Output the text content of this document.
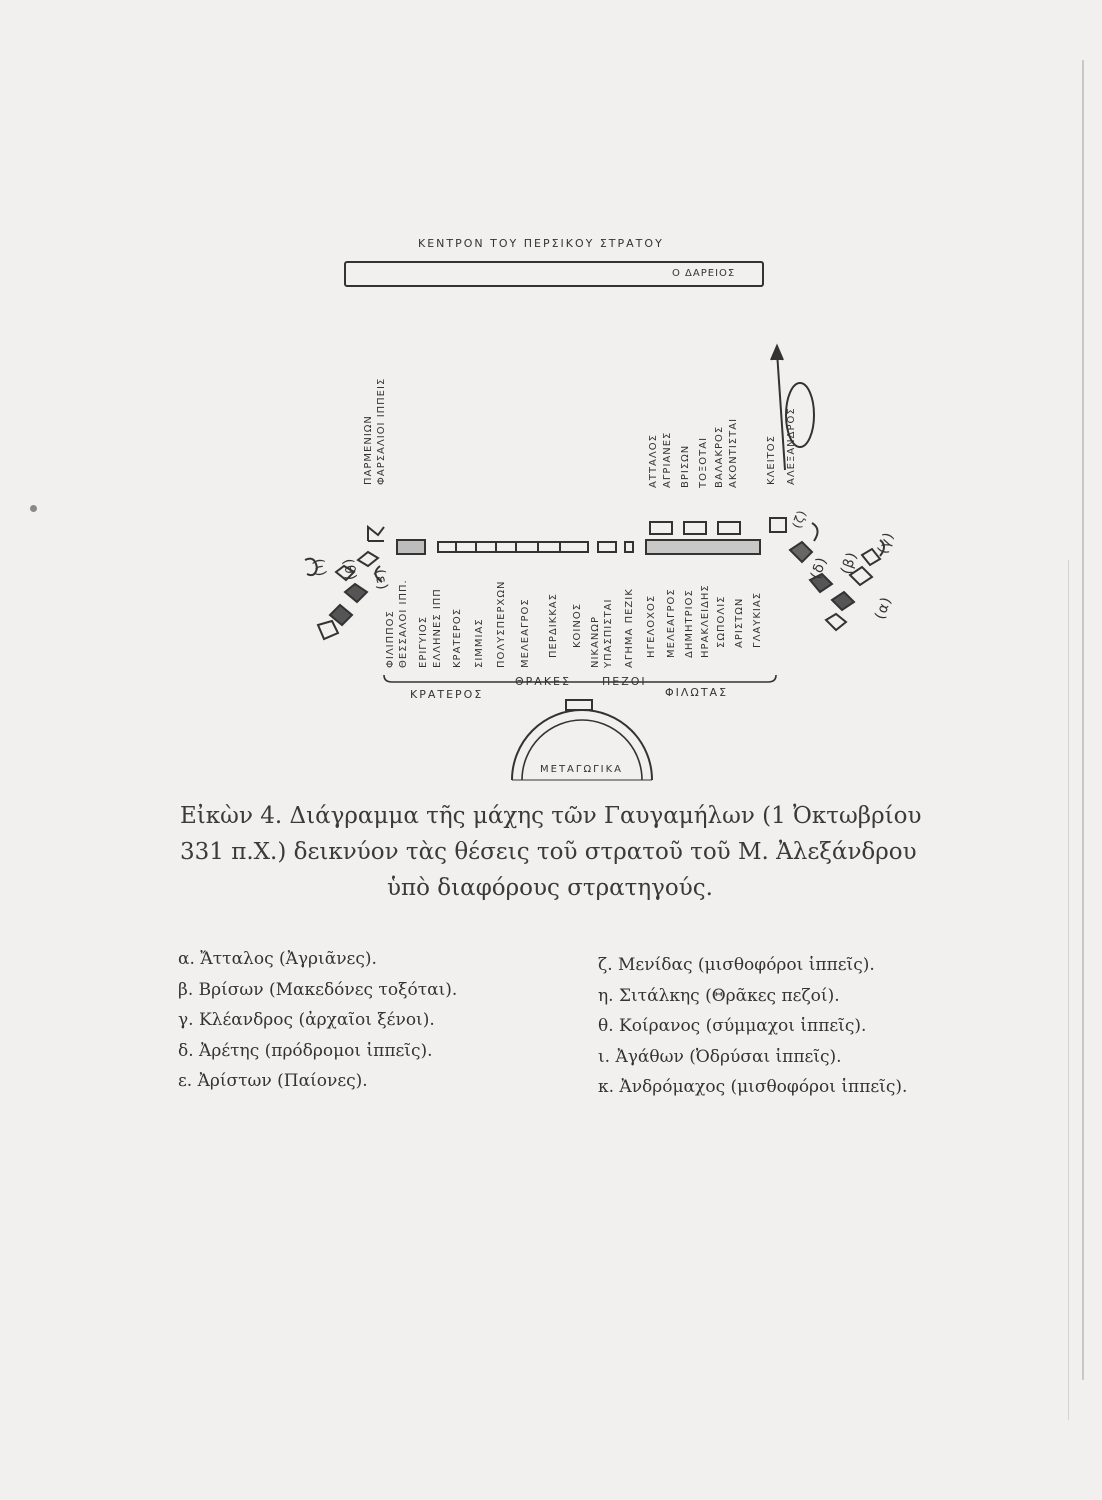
ΚΕΝΤΡΟΝ ΤΟΥ ΠΕΡΣΙΚΟΥ ΣΤΡΑΤΟΥ
Ο ΔΑΡΕΙΟΣ
ΠΑΡΜΕΝΙΩΝ ΦΑΡΣΑΛΙΟΙ ΙΠΠΕΙΣ
(ε)
(θ)
(ι)
(α)
(β)
(γ)
(δ)
(ζ)
ΦΙΛΙΠΠΟΣ ΘΕΣΣΑΛΟΙ ΙΠΠ. ΕΡΙΓΥΙΟΣ ΕΛΛΗΝΕΣ ΙΠΠ ΚΡΑΤΕΡΟΣ ΣΙΜΜΙΑΣ ΠΟΛΥΣΠΕΡΧΩΝ ΜΕΛΕΑΓΡΟΣ ΠΕΡΔΙΚΚΑΣ ΚΟΙΝΟΣ ΝΙΚΑΝΩΡ ΥΠΑΣΠΙΣΤΑΙ ΑΓΗΜΑ ΠΕΖΙΚ ΗΓΕΛΟΧΟΣ ΜΕΛΕΑΓΡΟΣ ΔΗΜΗΤΡΙΟΣ ΗΡΑΚΛΕΙΔΗΣ ΣΩΠΟΛΙΣ ΑΡΙΣΤΩΝ ΓΛΑΥΚΙΑΣ
ΑΤΤΑΛΟΣ ΑΓΡΙΑΝΕΣ ΒΡΙΣΩΝ ΤΟΞΟΤΑΙ ΒΑΛΑΚΡΟΣ ΑΚΟΝΤΙΣΤΑΙ	ΚΛΕΙΤΟΣ ΑΛΕΞΑΝΔΡΟΣ
ΚΡΑΤΕΡΟΣ
ΘΡΑΚΕΣ	ΠΕΖΟΙ
ΦΙΛΩΤΑΣ
ΜΕΤΑΓΩΓΙΚΑ
Εἰκὼν 4. Διάγραμμα τῆς μάχης τῶν Γαυγαμήλων (1 Ὀκτωβρίου
331 π.Χ.) δεικνύον τὰς θέσεις τοῦ στρατοῦ τοῦ Μ. Ἀλεξάνδρου
ὑπὸ διαφόρους στρατηγούς.
α. Ἄτταλος (Ἀγριᾶνες).
β. Βρίσων (Μακεδόνες τοξόται).
γ. Κλέανδρος (ἀρχαῖοι ξένοι).
δ. Ἀρέτης (πρόδρομοι ἱππεῖς).
ε. Ἀρίστων (Παίονες).
ζ. Μενίδας (μισθοφόροι ἱππεῖς).
η. Σιτάλκης (Θρᾶκες πεζοί).
θ. Κοίρανος (σύμμαχοι ἱππεῖς).
ι. Ἀγάθων (Ὀδρύσαι ἱππεῖς).
κ. Ἀνδρόμαχος (μισθοφόροι ἱππεῖς).
